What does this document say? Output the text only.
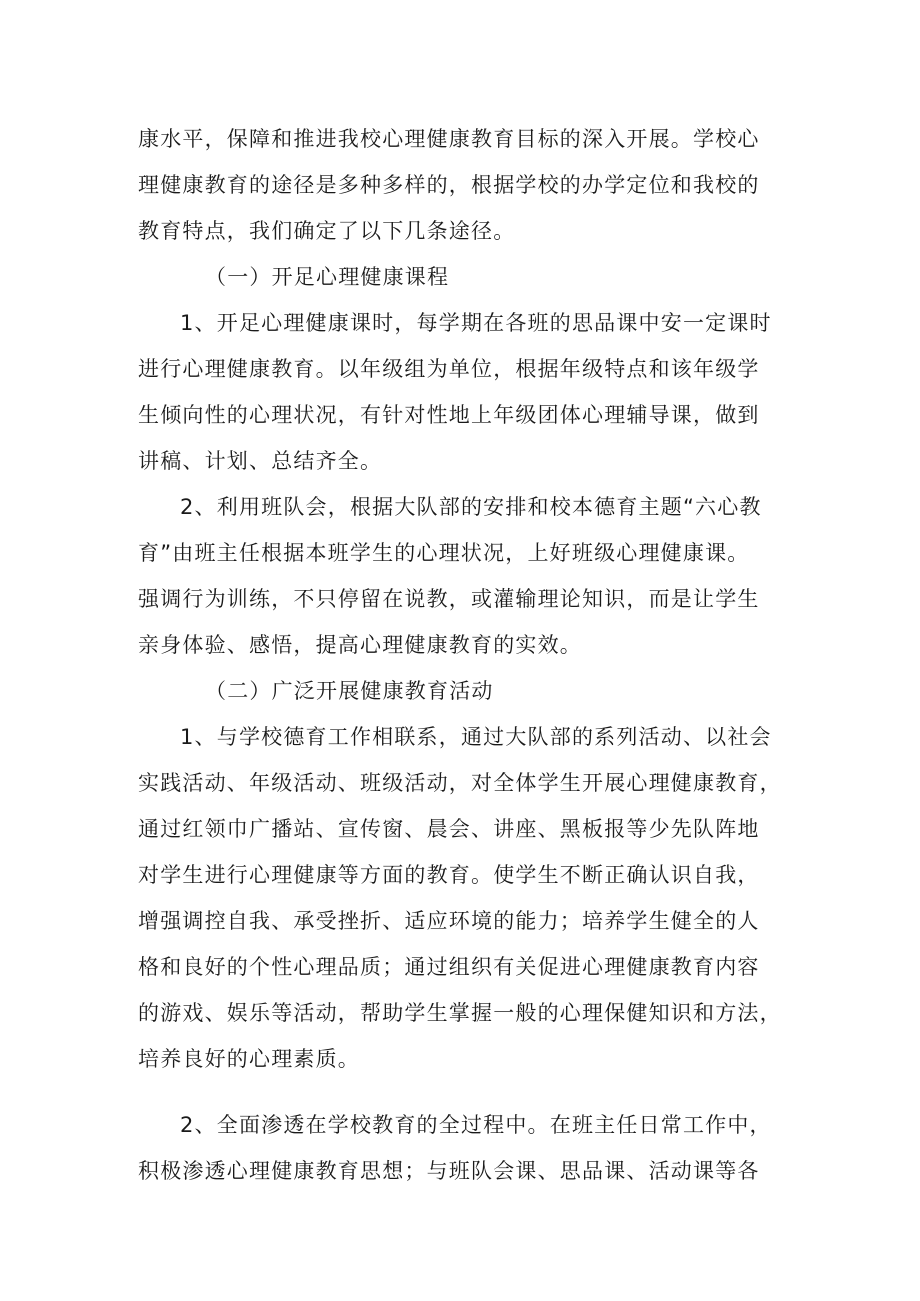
康水平，保障和推进我校心理健康教育目标的深入开展。学校心
理健康教育的途径是多种多样的，根据学校的办学定位和我校的
教育特点，我们确定了以下几条途径。
（一）开足心理健康课程
1、开足心理健康课时，每学期在各班的思品课中安一定课时
进行心理健康教育。以年级组为单位，根据年级特点和该年级学
生倾向性的心理状况，有针对性地上年级团体心理辅导课，做到
讲稿、计划、总结齐全。
2、利用班队会，根据大队部的安排和校本德育主题“六心教
育”由班主任根据本班学生的心理状况，上好班级心理健康课。
强调行为训练，不只停留在说教，或灌输理论知识，而是让学生
亲身体验、感悟，提高心理健康教育的实效。
（二）广泛开展健康教育活动
1、与学校德育工作相联系，通过大队部的系列活动、以社会
实践活动、年级活动、班级活动，对全体学生开展心理健康教育，
通过红领巾广播站、宣传窗、晨会、讲座、黑板报等少先队阵地
对学生进行心理健康等方面的教育。使学生不断正确认识自我，
增强调控自我、承受挫折、适应环境的能力；培养学生健全的人
格和良好的个性心理品质；通过组织有关促进心理健康教育内容
的游戏、娱乐等活动，帮助学生掌握一般的心理保健知识和方法，
培养良好的心理素质。
2、全面渗透在学校教育的全过程中。在班主任日常工作中，
积极渗透心理健康教育思想；与班队会课、思品课、活动课等各
